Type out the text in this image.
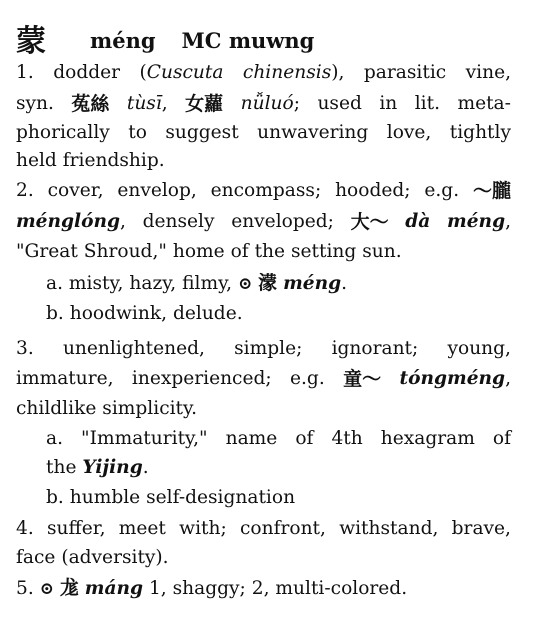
蒙 méng MC muwng
1. dodder (Cuscuta chinensis), parasitic vine,
syn. 菟絲 tùsī, 女蘿 nǚluó; used in lit. meta-
phorically to suggest unwavering love, tightly
held friendship.
2. cover, envelop, encompass; hooded; e.g. ～朧
ménglóng, densely enveloped; 大～ dà méng,
"Great Shroud," home of the setting sun.
a. misty, hazy, filmy, ⊙ 濛 méng.
b. hoodwink, delude.
3. unenlightened, simple; ignorant; young,
immature, inexperienced; e.g. 童～ tóngméng,
childlike simplicity.
a. "Immaturity," name of 4th hexagram of
the Yijing.
b. humble self-designation
4. suffer, meet with; confront, withstand, brave,
face (adversity).
5. ⊙ 尨 máng 1, shaggy; 2, multi-colored.
